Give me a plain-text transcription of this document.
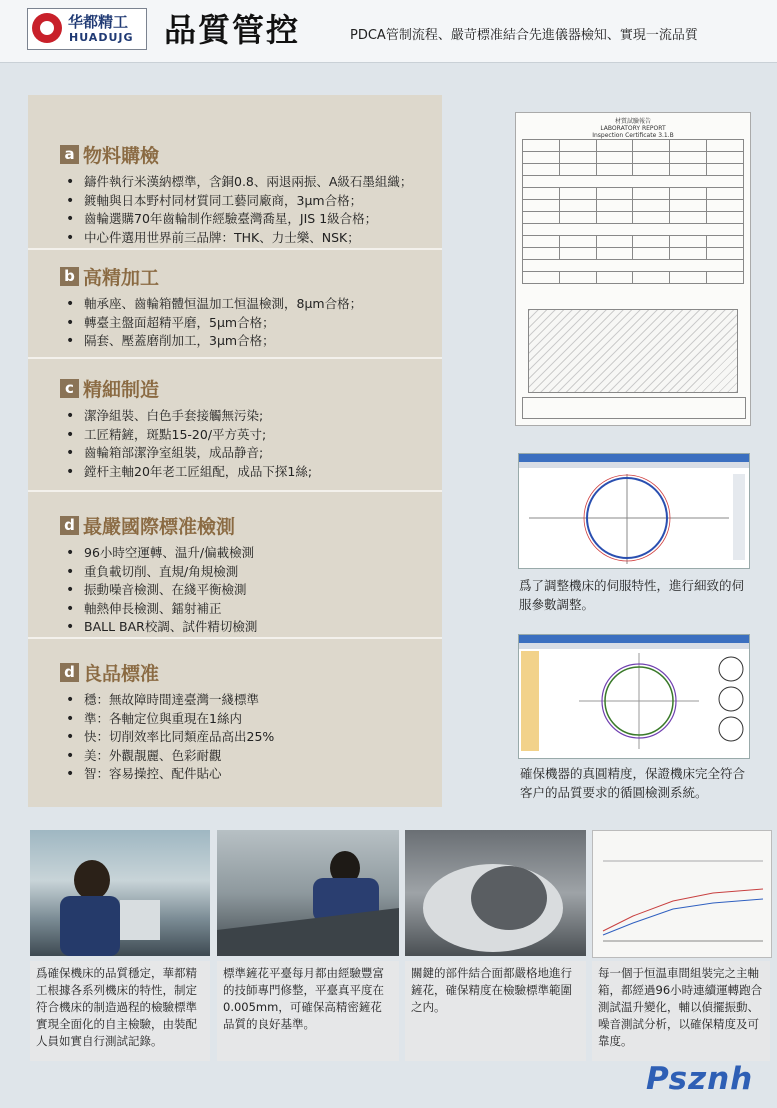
华都精工
HUADUJG 品質管控	PDCA管制流程、嚴苛標准結合先進儀器檢知、實現一流品質
a 物料購檢
• 鑄件執行米漢納標準，含銅0.8、兩退兩振、A級石墨組織；
• 鍍軸與日本野村同材質同工藝同廠商，3μm合格；
• 齒輪選購70年齒輪制作經驗臺灣喬星，JIS 1級合格；
• 中心件選用世界前三品牌：THK、力士樂、NSK；
b 高精加工
• 軸承座、齒輪箱體恒温加工恒温檢測，8μm合格；
• 轉臺主盤面超精平磨，5μm合格；
• 隔套、壓蓋磨削加工，3μm合格；
c 精細制造
• 潔浄組裝、白色手套接觸無污染;
• 工匠精鏟，斑點15-20/平方英寸;
• 齒輪箱部潔浄室組裝，成品静音;
• 鏜杆主軸20年老工匠組配，成品下探1絲;
d 最嚴國際標准檢測
• 96小時空運轉、温升/偏載檢測
• 重負載切削、直規/角規檢測
• 振動噪音檢測、在綫平衡檢測
• 軸熱伸長檢測、鐳射補正
• BALL BAR校調、試件精切檢測
d 良品標准
• 穩：無故障時間達臺灣一綫標準
• 準：各軸定位與重現在1絲内
• 快：切削效率比同類産品高出25%
• 美：外觀靚麗、色彩耐觀
• 智：容易操控、配件貼心
材質試驗報告
LABORATORY REPORT
Inspection Certificate 3.1.B

爲了調整機床的伺服特性，進行細致的伺服參數調整。
確保機器的真圓精度，保證機床完全符合客户的品質要求的循圓檢測系統。
爲確保機床的品質穩定，華都精工根據各系列機床的特性，制定符合機床的制造過程的檢驗標準實現全面化的自主檢驗，由裝配人員如實自行測試記錄。
標準鏟花平臺每月都由經驗豐富的技師專門修整，平臺真平度在0.005mm，可確保高精密鏟花品質的良好基準。
關鍵的部件結合面都嚴格地進行鏟花，確保精度在檢驗標準範圍之内。
每一個于恒温車間組裝完之主軸箱，都經過96小時連續運轉跑合測試温升變化，輔以偵擺振動、噪音測試分析，以確保精度及可靠度。
Psznh
